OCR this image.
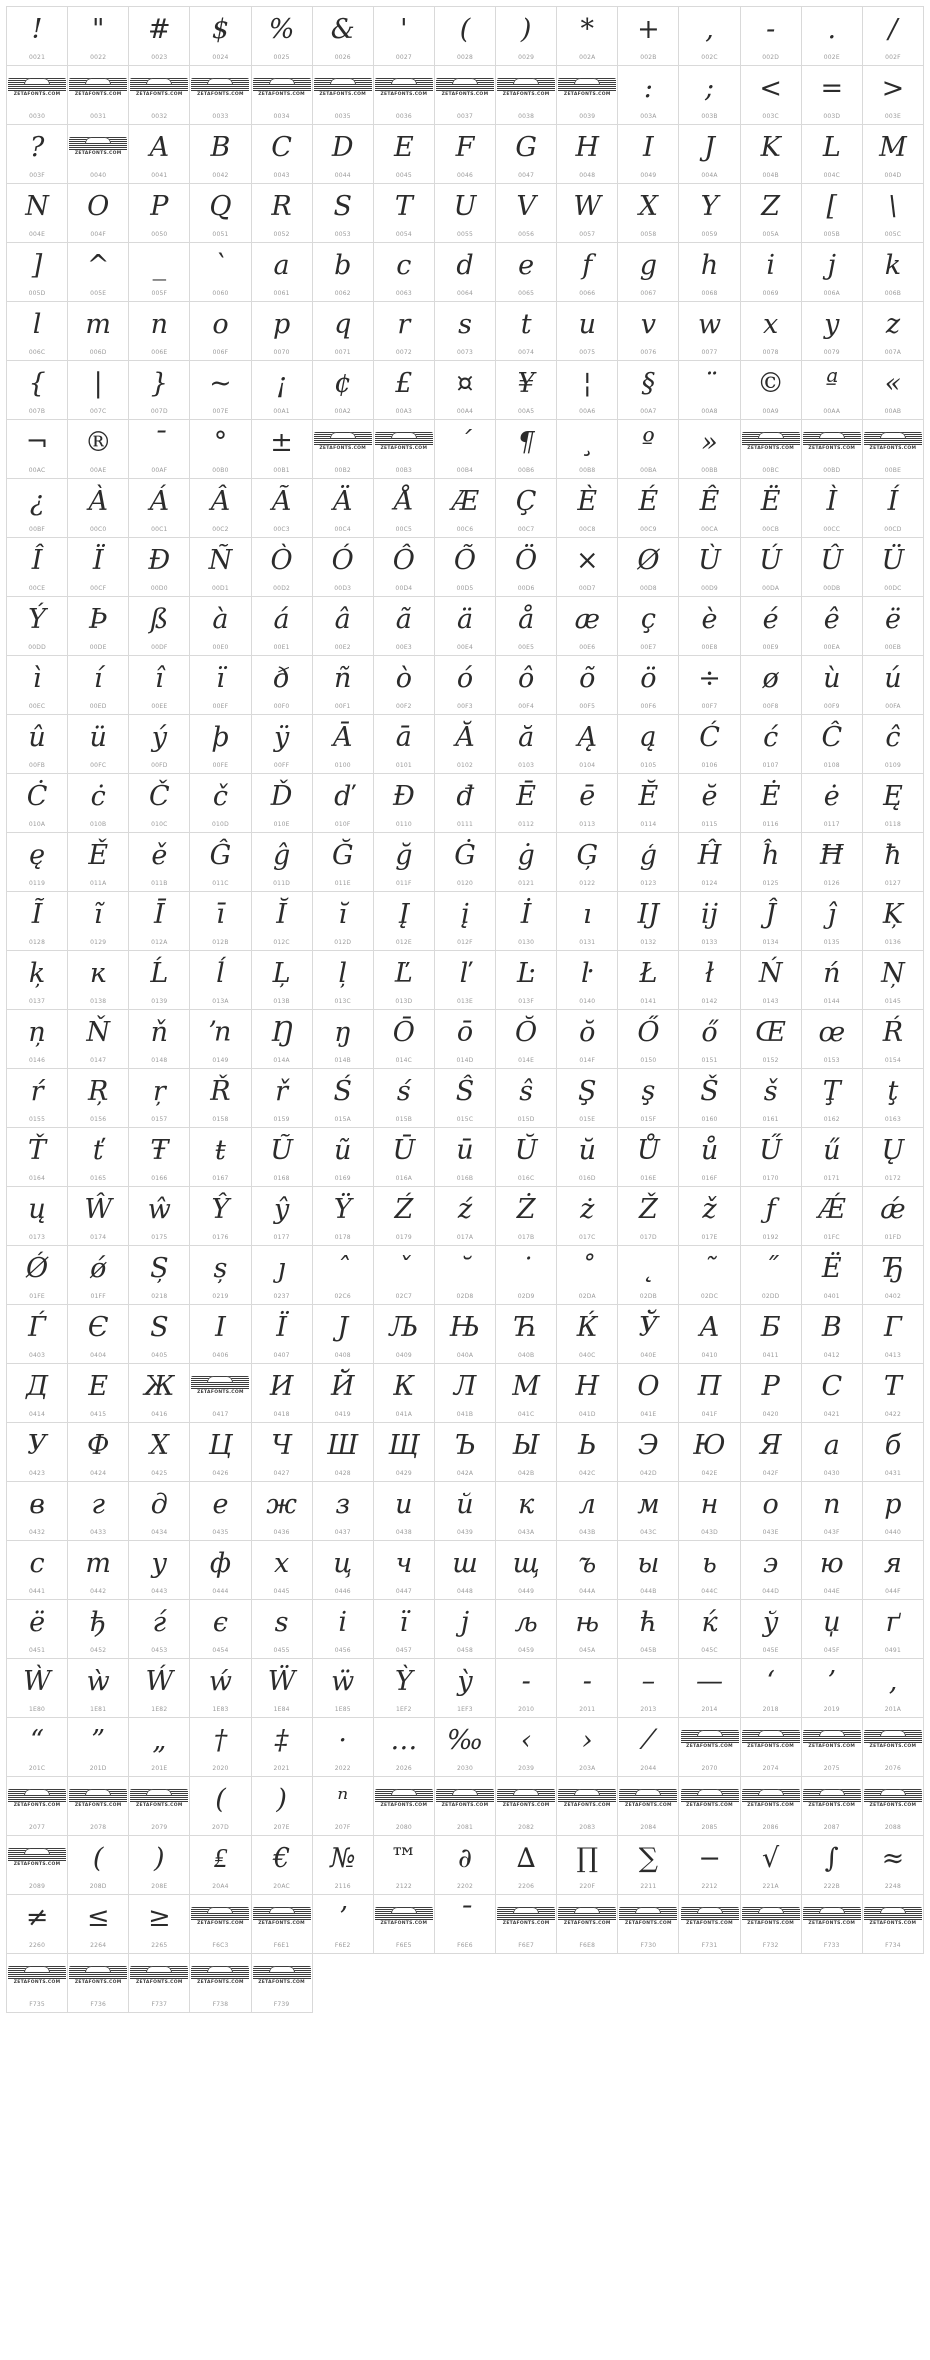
!
0021
"
0022
#
0023
$
0024
%
0025
&
0026
'
0027
(
0028
)
0029
*
002A
+
002B
,
002C
-
002D
.
002E
/
002F
ZETAFONTS.COM
0030
ZETAFONTS.COM
0031
ZETAFONTS.COM
0032
ZETAFONTS.COM
0033
ZETAFONTS.COM
0034
ZETAFONTS.COM
0035
ZETAFONTS.COM
0036
ZETAFONTS.COM
0037
ZETAFONTS.COM
0038
ZETAFONTS.COM
0039
:
003A
;
003B
<
003C
=
003D
>
003E
?
003F
ZETAFONTS.COM
0040
A
0041
B
0042
C
0043
D
0044
E
0045
F
0046
G
0047
H
0048
I
0049
J
004A
K
004B
L
004C
M
004D
N
004E
O
004F
P
0050
Q
0051
R
0052
S
0053
T
0054
U
0055
V
0056
W
0057
X
0058
Y
0059
Z
005A
[
005B
\
005C
]
005D
^
005E
_
005F
`
0060
a
0061
b
0062
c
0063
d
0064
e
0065
f
0066
g
0067
h
0068
i
0069
j
006A
k
006B
l
006C
m
006D
n
006E
o
006F
p
0070
q
0071
r
0072
s
0073
t
0074
u
0075
v
0076
w
0077
x
0078
y
0079
z
007A
{
007B
|
007C
}
007D
~
007E
¡
00A1
¢
00A2
£
00A3
¤
00A4
¥
00A5
¦
00A6
§
00A7
¨
00A8
©
00A9
ª
00AA
«
00AB
¬
00AC
®
00AE
¯
00AF
°
00B0
±
00B1
ZETAFONTS.COM
00B2
ZETAFONTS.COM
00B3
´
00B4
¶
00B6
¸
00B8
º
00BA
»
00BB
ZETAFONTS.COM
00BC
ZETAFONTS.COM
00BD
ZETAFONTS.COM
00BE
¿
00BF
À
00C0
Á
00C1
Â
00C2
Ã
00C3
Ä
00C4
Å
00C5
Æ
00C6
Ç
00C7
È
00C8
É
00C9
Ê
00CA
Ë
00CB
Ì
00CC
Í
00CD
Î
00CE
Ï
00CF
Ð
00D0
Ñ
00D1
Ò
00D2
Ó
00D3
Ô
00D4
Õ
00D5
Ö
00D6
×
00D7
Ø
00D8
Ù
00D9
Ú
00DA
Û
00DB
Ü
00DC
Ý
00DD
Þ
00DE
ß
00DF
à
00E0
á
00E1
â
00E2
ã
00E3
ä
00E4
å
00E5
æ
00E6
ç
00E7
è
00E8
é
00E9
ê
00EA
ë
00EB
ì
00EC
í
00ED
î
00EE
ï
00EF
ð
00F0
ñ
00F1
ò
00F2
ó
00F3
ô
00F4
õ
00F5
ö
00F6
÷
00F7
ø
00F8
ù
00F9
ú
00FA
û
00FB
ü
00FC
ý
00FD
þ
00FE
ÿ
00FF
Ā
0100
ā
0101
Ă
0102
ă
0103
Ą
0104
ą
0105
Ć
0106
ć
0107
Ĉ
0108
ĉ
0109
Ċ
010A
ċ
010B
Č
010C
č
010D
Ď
010E
ď
010F
Đ
0110
đ
0111
Ē
0112
ē
0113
Ĕ
0114
ĕ
0115
Ė
0116
ė
0117
Ę
0118
ę
0119
Ě
011A
ě
011B
Ĝ
011C
ĝ
011D
Ğ
011E
ğ
011F
Ġ
0120
ġ
0121
Ģ
0122
ģ
0123
Ĥ
0124
ĥ
0125
Ħ
0126
ħ
0127
Ĩ
0128
ĩ
0129
Ī
012A
ī
012B
Ĭ
012C
ĭ
012D
Į
012E
į
012F
İ
0130
ı
0131
IJ
0132
ij
0133
Ĵ
0134
ĵ
0135
Ķ
0136
ķ
0137
ĸ
0138
Ĺ
0139
ĺ
013A
Ļ
013B
ļ
013C
Ľ
013D
ľ
013E
Ŀ
013F
ŀ
0140
Ł
0141
ł
0142
Ń
0143
ń
0144
Ņ
0145
ņ
0146
Ň
0147
ň
0148
ŉ
0149
Ŋ
014A
ŋ
014B
Ō
014C
ō
014D
Ŏ
014E
ŏ
014F
Ő
0150
ő
0151
Œ
0152
œ
0153
Ŕ
0154
ŕ
0155
Ŗ
0156
ŗ
0157
Ř
0158
ř
0159
Ś
015A
ś
015B
Ŝ
015C
ŝ
015D
Ş
015E
ş
015F
Š
0160
š
0161
Ţ
0162
ţ
0163
Ť
0164
ť
0165
Ŧ
0166
ŧ
0167
Ũ
0168
ũ
0169
Ū
016A
ū
016B
Ŭ
016C
ŭ
016D
Ů
016E
ů
016F
Ű
0170
ű
0171
Ų
0172
ų
0173
Ŵ
0174
ŵ
0175
Ŷ
0176
ŷ
0177
Ÿ
0178
Ź
0179
ź
017A
Ż
017B
ż
017C
Ž
017D
ž
017E
ƒ
0192
Ǽ
01FC
ǽ
01FD
Ǿ
01FE
ǿ
01FF
Ș
0218
ș
0219
ȷ
0237
ˆ
02C6
ˇ
02C7
˘
02D8
˙
02D9
˚
02DA
˛
02DB
˜
02DC
˝
02DD
Ё
0401
Ђ
0402
Ѓ
0403
Є
0404
Ѕ
0405
І
0406
Ї
0407
Ј
0408
Љ
0409
Њ
040A
Ћ
040B
Ќ
040C
Ў
040E
А
0410
Б
0411
В
0412
Г
0413
Д
0414
Е
0415
Ж
0416
ZETAFONTS.COM
0417
И
0418
Й
0419
К
041A
Л
041B
М
041C
Н
041D
О
041E
П
041F
Р
0420
С
0421
Т
0422
У
0423
Ф
0424
Х
0425
Ц
0426
Ч
0427
Ш
0428
Щ
0429
Ъ
042A
Ы
042B
Ь
042C
Э
042D
Ю
042E
Я
042F
а
0430
б
0431
в
0432
г
0433
д
0434
е
0435
ж
0436
з
0437
и
0438
й
0439
к
043A
л
043B
м
043C
н
043D
о
043E
п
043F
р
0440
с
0441
т
0442
у
0443
ф
0444
х
0445
ц
0446
ч
0447
ш
0448
щ
0449
ъ
044A
ы
044B
ь
044C
э
044D
ю
044E
я
044F
ё
0451
ђ
0452
ѓ
0453
є
0454
ѕ
0455
і
0456
ї
0457
ј
0458
љ
0459
њ
045A
ћ
045B
ќ
045C
ў
045E
џ
045F
ґ
0491
Ẁ
1E80
ẁ
1E81
Ẃ
1E82
ẃ
1E83
Ẅ
1E84
ẅ
1E85
Ỳ
1EF2
ỳ
1EF3
‐
2010
‑
2011
–
2013
—
2014
‘
2018
’
2019
‚
201A
“
201C
”
201D
„
201E
†
2020
‡
2021
·
2022
…
2026
‰
2030
‹
2039
›
203A
⁄
2044
ZETAFONTS.COM
2070
ZETAFONTS.COM
2074
ZETAFONTS.COM
2075
ZETAFONTS.COM
2076
ZETAFONTS.COM
2077
ZETAFONTS.COM
2078
ZETAFONTS.COM
2079
(
207D
)
207E
ⁿ
207F
ZETAFONTS.COM
2080
ZETAFONTS.COM
2081
ZETAFONTS.COM
2082
ZETAFONTS.COM
2083
ZETAFONTS.COM
2084
ZETAFONTS.COM
2085
ZETAFONTS.COM
2086
ZETAFONTS.COM
2087
ZETAFONTS.COM
2088
ZETAFONTS.COM
2089
(
208D
)
208E
₤
20A4
€
20AC
№
2116
™
2122
∂
2202
∆
2206
∏
220F
∑
2211
−
2212
√
221A
∫
222B
≈
2248
≠
2260
≤
2264
≥
2265
ZETAFONTS.COM
F6C3
ZETAFONTS.COM
F6E1
ʼ
F6E2
ZETAFONTS.COM
F6E5
¯
F6E6
ZETAFONTS.COM
F6E7
ZETAFONTS.COM
F6E8
ZETAFONTS.COM
F730
ZETAFONTS.COM
F731
ZETAFONTS.COM
F732
ZETAFONTS.COM
F733
ZETAFONTS.COM
F734
ZETAFONTS.COM
F735
ZETAFONTS.COM
F736
ZETAFONTS.COM
F737
ZETAFONTS.COM
F738
ZETAFONTS.COM
F739
